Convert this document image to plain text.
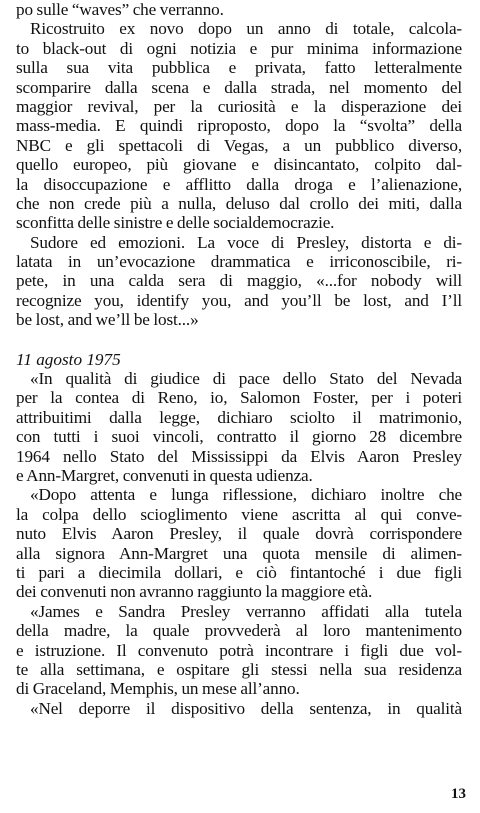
po sulle “waves” che verranno.
Ricostruito ex novo dopo un anno di totale, calcola-
to black-out di ogni notizia e pur minima informazione
sulla sua vita pubblica e privata, fatto letteralmente
scomparire dalla scena e dalla strada, nel momento del
maggior revival, per la curiosità e la disperazione dei
mass-media. E quindi riproposto, dopo la “svolta” della
NBC e gli spettacoli di Vegas, a un pubblico diverso,
quello europeo, più giovane e disincantato, colpito dal-
la disoccupazione e afflitto dalla droga e l’alienazione,
che non crede più a nulla, deluso dal crollo dei miti, dalla
sconfitta delle sinistre e delle socialdemocrazie.
Sudore ed emozioni. La voce di Presley, distorta e di-
latata in un’evocazione drammatica e irriconoscibile, ri-
pete, in una calda sera di maggio, «...for nobody will
recognize you, identify you, and you’ll be lost, and I’ll
be lost, and we’ll be lost...»
11 agosto 1975
«In qualità di giudice di pace dello Stato del Nevada
per la contea di Reno, io, Salomon Foster, per i poteri
attribuitimi dalla legge, dichiaro sciolto il matrimonio,
con tutti i suoi vincoli, contratto il giorno 28 dicembre
1964 nello Stato del Mississippi da Elvis Aaron Presley
e Ann-Margret, convenuti in questa udienza.
«Dopo attenta e lunga riflessione, dichiaro inoltre che
la colpa dello scioglimento viene ascritta al qui conve-
nuto Elvis Aaron Presley, il quale dovrà corrispondere
alla signora Ann-Margret una quota mensile di alimen-
ti pari a diecimila dollari, e ciò fintantoché i due figli
dei convenuti non avranno raggiunto la maggiore età.
«James e Sandra Presley verranno affidati alla tutela
della madre, la quale provvederà al loro mantenimento
e istruzione. Il convenuto potrà incontrare i figli due vol-
te alla settimana, e ospitare gli stessi nella sua residenza
di Graceland, Memphis, un mese all’anno.
«Nel deporre il dispositivo della sentenza, in qualità
13
